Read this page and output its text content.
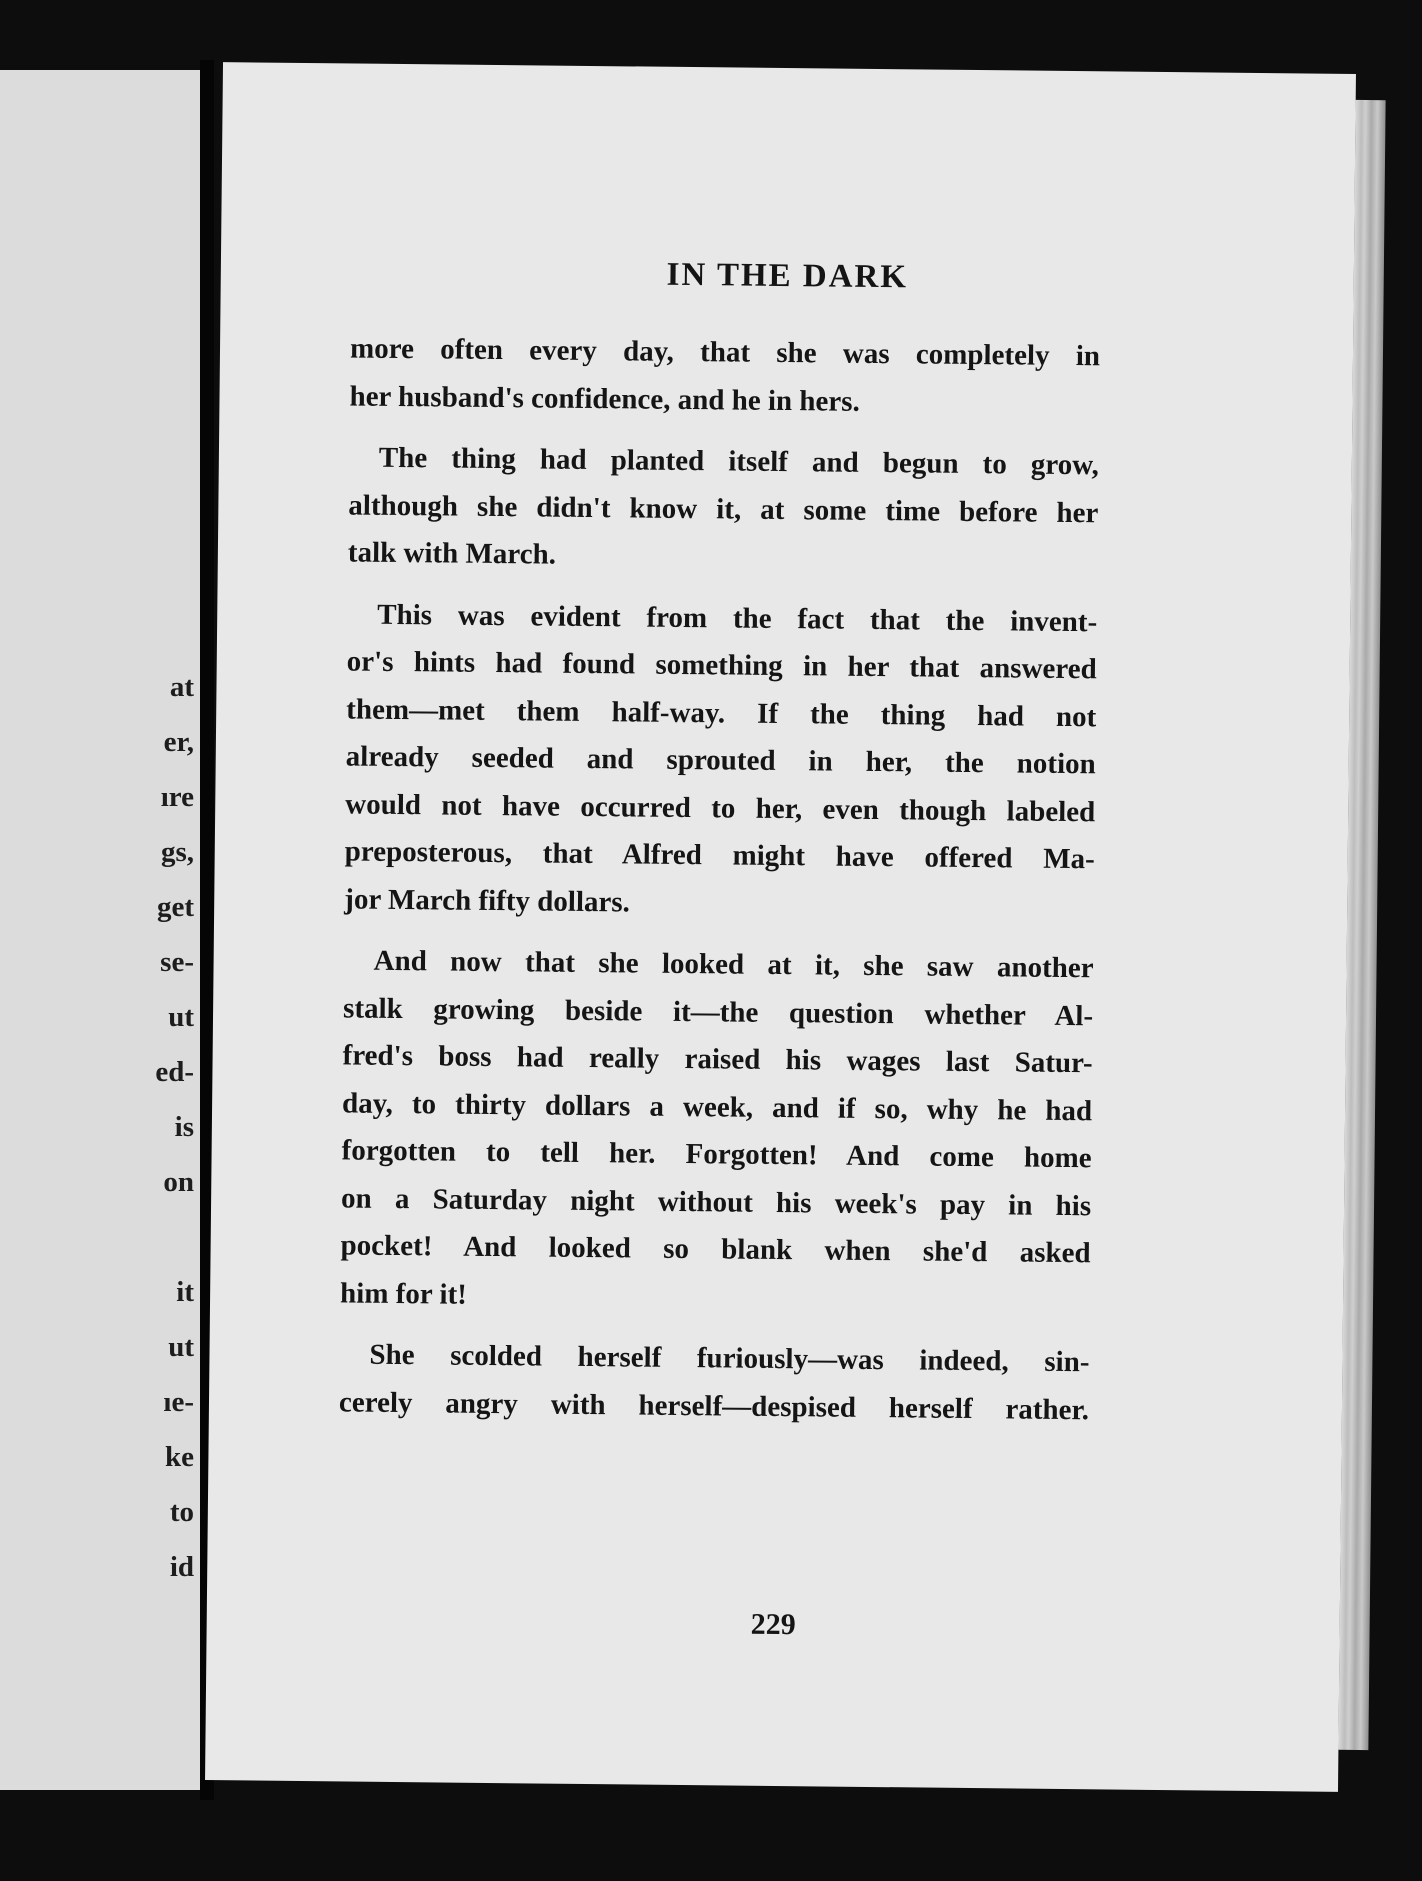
at
er,
ıre
gs,
get
se-
ut
ed-
is
on
it
ut
ıe-
ke
to
id
IN THE DARK
more often every day, that she was completely in
her husband's confidence, and he in hers.
The thing had planted itself and begun to grow,
although she didn't know it, at some time before her
talk with March.
This was evident from the fact that the invent-
or's hints had found something in her that answered
them—met them half-way. If the thing had not
already seeded and sprouted in her, the notion
would not have occurred to her, even though labeled
preposterous, that Alfred might have offered Ma-
jor March fifty dollars.
And now that she looked at it, she saw another
stalk growing beside it—the question whether Al-
fred's boss had really raised his wages last Satur-
day, to thirty dollars a week, and if so, why he had
forgotten to tell her. Forgotten! And come home
on a Saturday night without his week's pay in his
pocket! And looked so blank when she'd asked
him for it!
She scolded herself furiously—was indeed, sin-
cerely angry with herself—despised herself rather.
229
